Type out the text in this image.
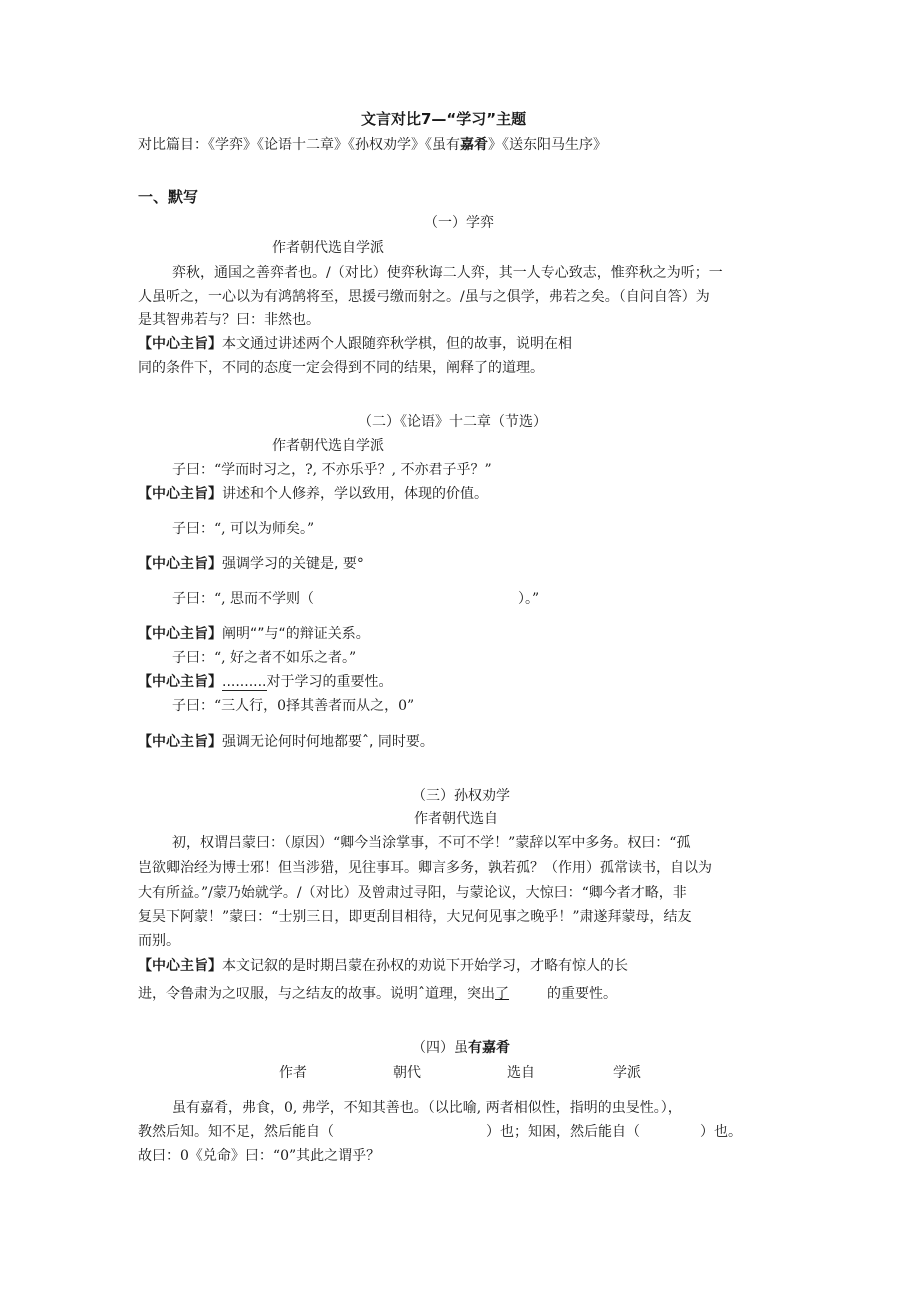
文言对比7—“学习”主题
对比篇目：《学弈》《论语十二章》《孙权劝学》《虽有嘉肴》《送东阳马生序》
一、默写
（一）学弈
作者朝代选自学派
弈秋，通国之善弈者也。/（对比）使弈秋诲二人弈，其一人专心致志，惟弈秋之为听；一
人虽听之，一心以为有鸿鹄将至，思援弓缴而射之。/虽与之俱学，弗若之矣。（自问自答）为
是其智弗若与？曰：非然也。
【中心主旨】本文通过讲述两个人跟随弈秋学棋，但的故事，说明在相
同的条件下，不同的态度一定会得到不同的结果，阐释了的道理。
（二）《论语》十二章（节选）
作者朝代选自学派
子曰：“学而时习之，?, 不亦乐乎？, 不亦君子乎？”
【中心主旨】讲述和个人修养，学以致用，体现的价值。
子曰：“, 可以为师矣。”
【中心主旨】强调学习的关键是, 要°
子曰：“, 思而不学则（	）。”
【中心主旨】阐明“”与“的辩证关系。
子曰：“, 好之者不如乐之者。”
【中心主旨】..........对于学习的重要性。
子曰：“三人行，0择其善者而从之，0”
【中心主旨】强调无论何时何地都要ˆ, 同时要。
（三）孙权劝学
作者朝代选自
初，权谓吕蒙曰：（原因）“卿今当涂掌事，不可不学！”蒙辞以军中多务。权曰：“孤
岂欲卿治经为博士邪！但当涉猎，见往事耳。卿言多务，孰若孤？（作用）孤常读书，自以为
大有所益。”/蒙乃始就学。/（对比）及曾肃过寻阳，与蒙论议，大惊曰：“卿今者才略，非
复吴下阿蒙！”蒙曰：“士别三日，即更刮目相待，大兄何见事之晚乎！”肃遂拜蒙母，结友
而别。
【中心主旨】本文记叙的是时期吕蒙在孙权的劝说下开始学习，才略有惊人的长
进，令鲁肃为之叹服，与之结友的故事。说明ˆ道理，突出了	的重要性。
（四）虽有嘉肴
作者	朝代	选自	学派
虽有嘉肴，弗食，0, 弗学，不知其善也。（以比喻, 两者相似性，指明的虫旻性。），
教然后知。知不足，然后能自（	）也；知困，然后能自（	）也。
故曰：0《兑命》曰：“0”其此之谓乎？
